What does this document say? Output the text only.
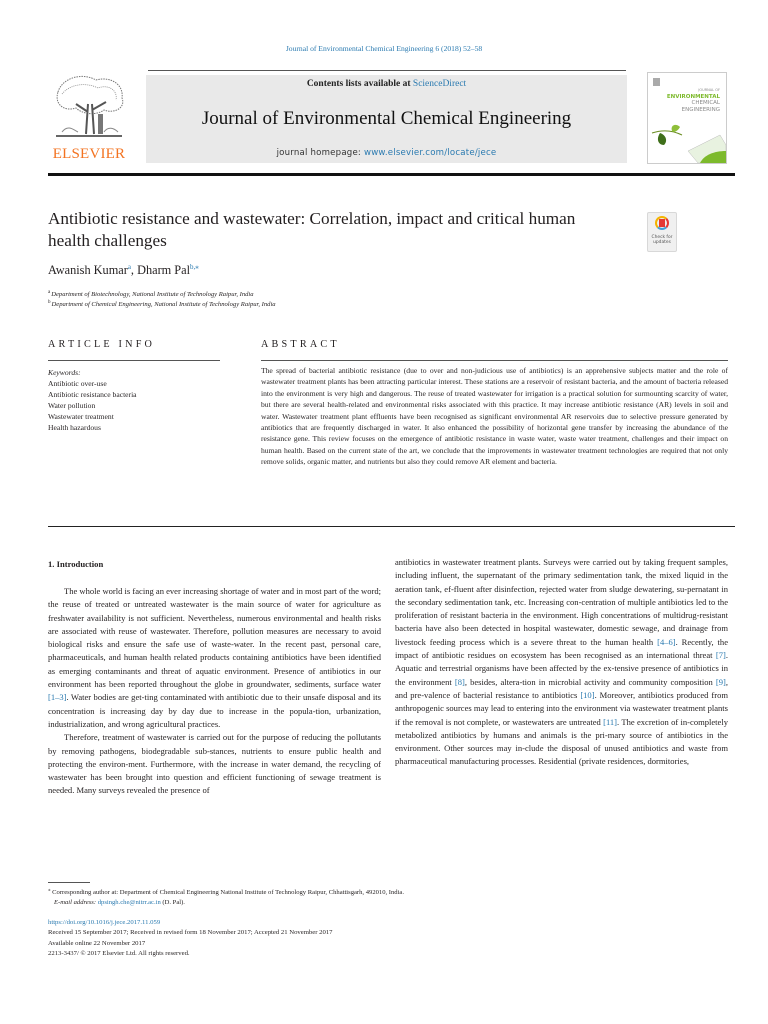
Journal of Environmental Chemical Engineering 6 (2018) 52–58
ELSEVIER
Contents lists available at ScienceDirect
Journal of Environmental Chemical Engineering
journal homepage: www.elsevier.com/locate/jece
JOURNAL OF
ENVIRONMENTAL
CHEMICAL
ENGINEERING
Antibiotic resistance and wastewater: Correlation, impact and critical human health challenges	Check for
updates
Awanish Kumar$^a$, Dharm Pal$^{b,⁎}$
$^a$Department of Biotechnology, National Institute of Technology Raipur, India
$^b$Department of Chemical Engineering, National Institute of Technology Raipur, India
ARTICLE INFO
Keywords:
Antibiotic over-use
Antibiotic resistance bacteria
Water pollution
Wastewater treatment
Health hazardous
ABSTRACT
The spread of bacterial antibiotic resistance (due to over and non-judicious use of antibiotics) is an apprehensive subjects matter and the role of wastewater treatment plants has been attracting particular interest. These stations are a reservoir of resistant bacteria, and the amount of bacteria released into the environment is very high and dangerous. The reuse of treated wastewater for irrigation is a practical solution for surmounting scarcity of water, but there are several health-related and environmental risks associated with this practice. It may increase antibiotic resistance (AR) levels in soil and water. Wastewater treatment plant effluents have been recognised as significant environmental AR reservoirs due to selective pressure generated by antibiotics that are frequently discharged in water. It also enhanced the possibility of horizontal gene transfer by increasing the abundance of the resistance gene. This review focuses on the emergence of antibiotic resistance in waste water, waste water treatment, challenges and their impact on human health. Based on the current state of the art, we conclude that the improvements in wastewater treatment technologies are required that not only remove solids, organic matter, and nutrients but also they could remove AR element and bacteria.
1. Introduction

The whole world is facing an ever increasing shortage of water and in most part of the word; the reuse of treated or untreated wastewater is the main source of water for agriculture as freshwater availability is not sufficient. Nevertheless, numerous environmental and health risks are associated with reuse of wastewater. Therefore, pollution measures are necessary to avoid biological risks and ensure the safe use of waste-water. In the recent past, personal care, pharmaceuticals, and human health related products containing antibiotics have been identified as emerging contaminants and threat of aquatic environment. Presence of antibiotics in our environment has been reported throughout the globe in groundwater, sediments, surface water [1–3]. Water bodies are get-ting contaminated with antibiotic due to their unsafe disposal and its concentration is increasing day by day due to increase in the popula-tion, urbanization, industrialization, and wrong agricultural practices.

Therefore, treatment of wastewater is carried out for the purpose of reducing the pollutants by removing pathogens, biodegradable sub-stances, nutrients to ensure public health and protecting the environ-ment. Furthermore, with the increase in water demand, the recycling of wastewater has been brought into question and efficient functioning of sewage treatment is needed. Many surveys revealed the presence of

antibiotics in wastewater treatment plants. Surveys were carried out by taking frequent samples, including influent, the supernatant of the primary sedimentation tank, the mixed liquid in the aeration tank, ef-fluent after disinfection, rejected water from sludge dewatering, su-pernatant in the secondary sedimentation tank, etc. Increasing con-centration of multiple antibiotics led to the proliferation of resistant bacteria in the environment. High concentrations of multidrug-resistant bacteria have also been detected in hospital wastewater, domestic sewage, and drainage from livestock feeding process which is a severe threat to the human health [4–6]. Recently, the impact of antibiotic residues on ecosystem has been recognised as an international threat [7]. Aquatic and terrestrial organisms have been affected by the ex-tensive presence of antibiotics in the environment [8], besides, altera-tion in microbial activity and community composition [9], and pre-valence of bacterial resistance to antibiotics [10]. Moreover, antibiotics produced from anthropogenic sources may lead to entering into the environment via wastewater treatment plants if the removal is not complete, or wastewaters are untreated [11]. The excretion of in-completely metabolized antibiotics by humans and animals is the pri-mary source of antibiotics in the environment. Other sources may in-clude the disposal of unused antibiotics and waste from pharmaceutical manufacturing processes. Residential (private residences, dormitories,

⁎ Corresponding author at: Department of Chemical Engineering National Institute of Technology Raipur, Chhattisgarh, 492010, India.
E-mail address: dpsingh.che@nitrr.ac.in (D. Pal).
https://doi.org/10.1016/j.jece.2017.11.059
Received 15 September 2017; Received in revised form 18 November 2017; Accepted 21 November 2017
Available online 22 November 2017
2213-3437/ © 2017 Elsevier Ltd. All rights reserved.
